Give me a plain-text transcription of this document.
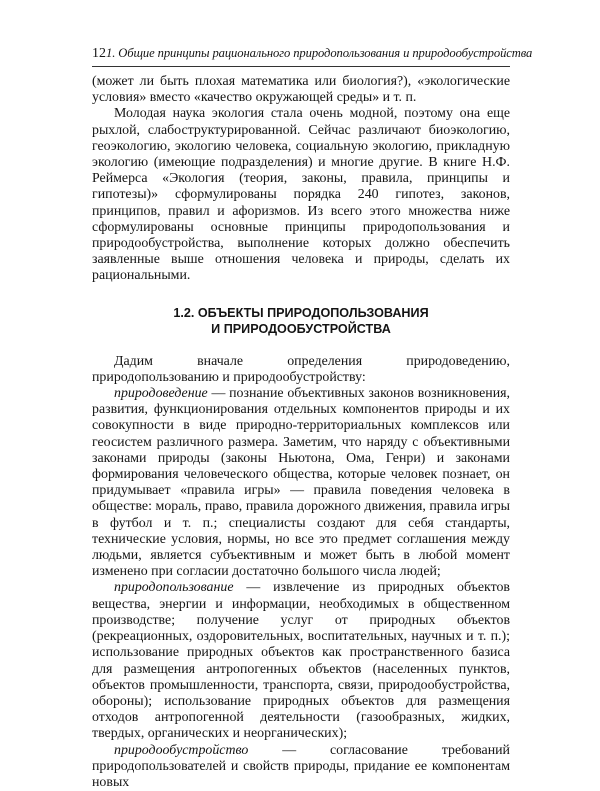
12 1. Общие принципы рационального природопользования и природообустройства

(может ли быть плохая математика или биология?), «экологические условия» вместо «качество окружающей среды» и т. п.

Молодая наука экология стала очень модной, поэтому она еще рыхлой, слабоструктурированной. Сейчас различают биоэкологию, геоэкологию, экологию человека, социальную экологию, прикладную экологию (имеющие подразделения) и многие другие. В книге Н.Ф. Реймерса «Экология (теория, законы, правила, принципы и гипотезы)» сформулированы порядка 240 гипотез, законов, принципов, правил и афоризмов. Из всего этого множества ниже сформулированы основные принципы природопользования и природообустройства, выполнение которых должно обеспечить заявленные выше отношения человека и природы, сделать их рациональными.

1.2. ОБЪЕКТЫ ПРИРОДОПОЛЬЗОВАНИЯ
И ПРИРОДООБУСТРОЙСТВА

Дадим вначале определения природоведению, природопользованию и природообустройству:

природоведение — познание объективных законов возникновения, развития, функционирования отдельных компонентов природы и их совокупности в виде природно-территориальных комплексов или геосистем различного размера. Заметим, что наряду с объективными законами природы (законы Ньютона, Ома, Генри) и законами формирования человеческого общества, которые человек познает, он придумывает «правила игры» — правила поведения человека в обществе: мораль, право, правила дорожного движения, правила игры в футбол и т. п.; специалисты создают для себя стандарты, технические условия, нормы, но все это предмет соглашения между людьми, является субъективным и может быть в любой момент изменено при согласии достаточно большого числа людей;

природопользование — извлечение из природных объектов вещества, энергии и информации, необходимых в общественном производстве; получение услуг от природных объектов (рекреационных, оздоровительных, воспитательных, научных и т. п.); использование природных объектов как пространственного базиса для размещения антропогенных объектов (населенных пунктов, объектов промышленности, транспорта, связи, природообустройства, обороны); использование природных объектов для размещения отходов антропогенной деятельности (газообразных, жидких, твердых, органических и неорганических);

природообустройство — согласование требований природопользователей и свойств природы, придание ее компонентам новых
